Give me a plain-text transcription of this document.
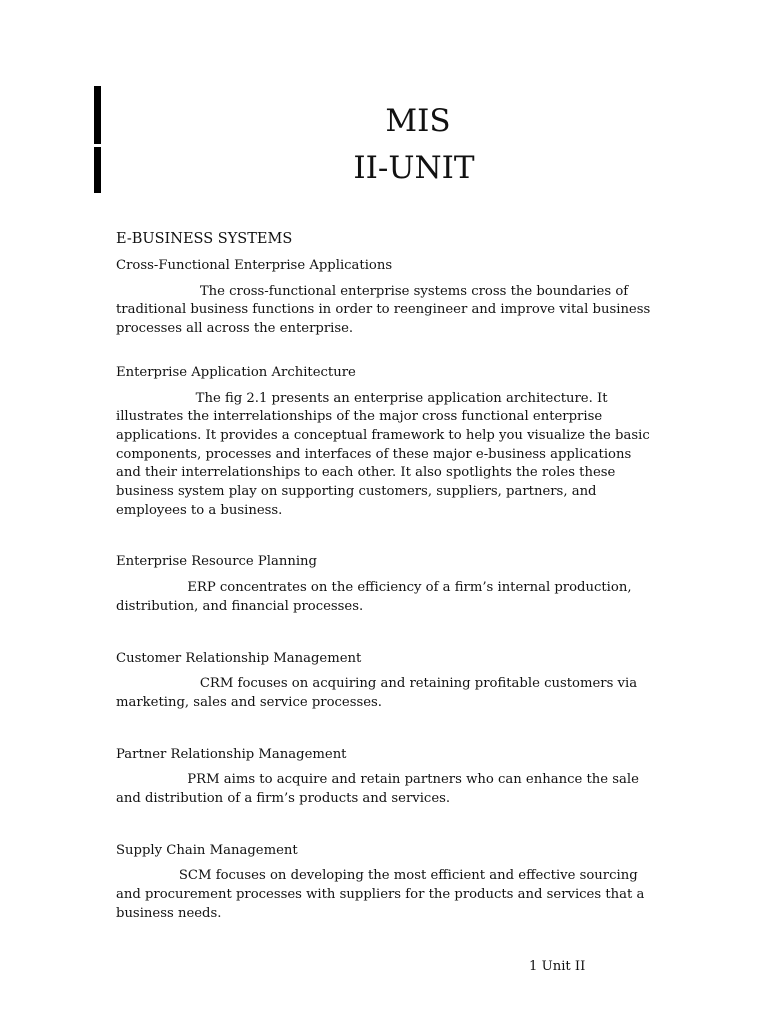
MIS
II-UNIT
E-BUSINESS SYSTEMS
Cross-Functional Enterprise Applications

The cross-functional enterprise systems cross the boundaries of traditional business functions in order to reengineer and improve vital business processes all across the enterprise.

Enterprise Application Architecture

The fig 2.1 presents an enterprise application architecture. It illustrates the interrelationships of the major cross functional enterprise applications. It provides a conceptual framework to help you visualize the basic components, processes and interfaces of these major e-business applications and their interrelationships to each other. It also spotlights the roles these business system play on supporting customers, suppliers, partners, and employees to a business.

Enterprise Resource Planning

ERP concentrates on the efficiency of a firm’s internal production, distribution, and financial processes.

Customer Relationship Management

CRM focuses on acquiring and retaining profitable customers via marketing, sales and service processes.

Partner Relationship Management

PRM aims to acquire and retain partners who can enhance the sale and distribution of a firm’s products and services.

Supply Chain Management

SCM focuses on developing the most efficient and effective sourcing and procurement processes with suppliers for the products and services that a business needs.

1 Unit II
